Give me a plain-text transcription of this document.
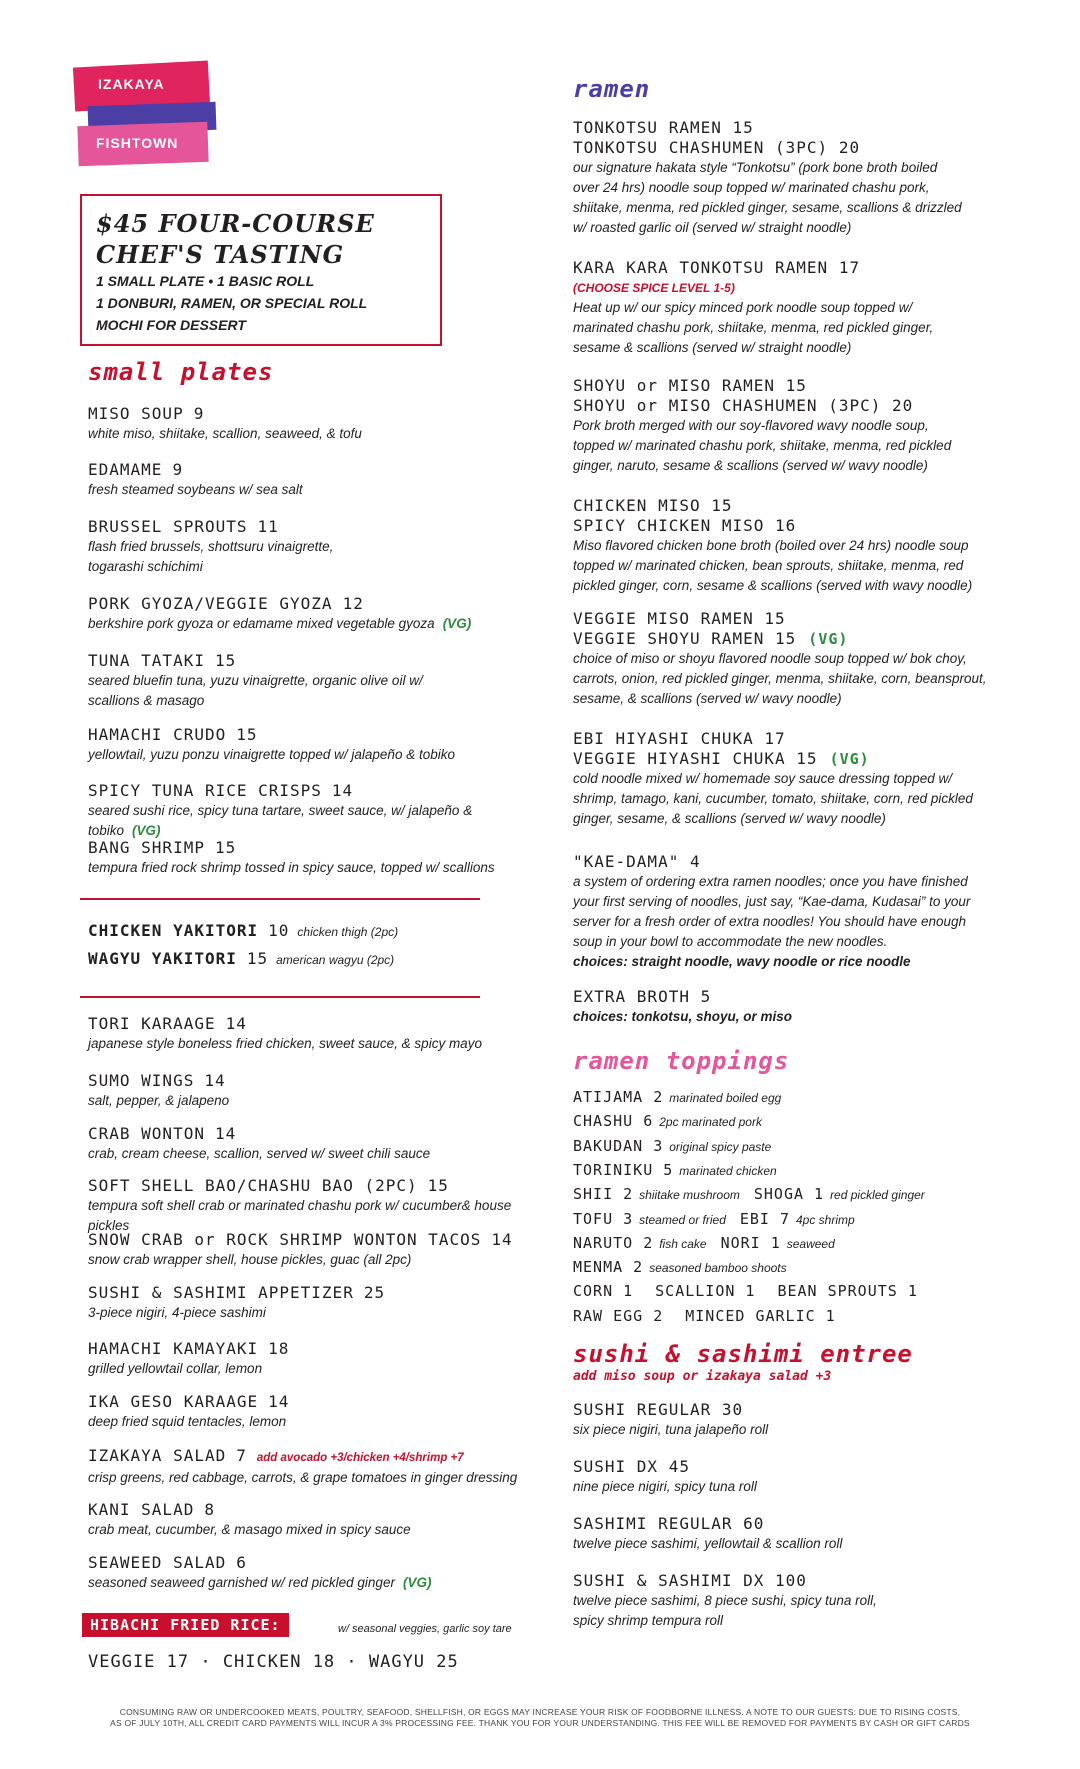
IZAKAYA
FISHTOWN
$45 FOUR-COURSE
CHEF'S TASTING
1 SMALL PLATE • 1 BASIC ROLL
1 DONBURI, RAMEN, OR SPECIAL ROLL
MOCHI FOR DESSERT
small plates
MISO SOUP 9
white miso, shiitake, scallion, seaweed, & tofu
EDAMAME 9
fresh steamed soybeans w/ sea salt
BRUSSEL SPROUTS 11
flash fried brussels, shottsuru vinaigrette,
togarashi schichimi
PORK GYOZA/VEGGIE GYOZA 12
berkshire pork gyoza or edamame mixed vegetable gyoza (VG)
TUNA TATAKI 15
seared bluefin tuna, yuzu vinaigrette, organic olive oil w/
scallions & masago
HAMACHI CRUDO 15
yellowtail, yuzu ponzu vinaigrette topped w/ jalapeño & tobiko
SPICY TUNA RICE CRISPS 14
seared sushi rice, spicy tuna tartare, sweet sauce, w/ jalapeño & tobiko (VG)
BANG SHRIMP 15
tempura fried rock shrimp tossed in spicy sauce, topped w/ scallions
CHICKEN YAKITORI 10 chicken thigh (2pc)
WAGYU YAKITORI 15 american wagyu (2pc)
TORI KARAAGE 14
japanese style boneless fried chicken, sweet sauce, & spicy mayo
SUMO WINGS 14
salt, pepper, & jalapeno
CRAB WONTON 14
crab, cream cheese, scallion, served w/ sweet chili sauce
SOFT SHELL BAO/CHASHU BAO (2PC) 15
tempura soft shell crab or marinated chashu pork w/ cucumber& house pickles
SNOW CRAB or ROCK SHRIMP WONTON TACOS 14
snow crab wrapper shell, house pickles, guac (all 2pc)
SUSHI & SASHIMI APPETIZER 25
3-piece nigiri, 4-piece sashimi
HAMACHI KAMAYAKI 18
grilled yellowtail collar, lemon
IKA GESO KARAAGE 14
deep fried squid tentacles, lemon
IZAKAYA SALAD 7 add avocado +3/chicken +4/shrimp +7
crisp greens, red cabbage, carrots, & grape tomatoes in ginger dressing
KANI SALAD 8
crab meat, cucumber, & masago mixed in spicy sauce
SEAWEED SALAD 6
seasoned seaweed garnished w/ red pickled ginger (VG)
HIBACHI FRIED RICE:	w/ seasonal veggies, garlic soy tare
VEGGIE 17 · CHICKEN 18 · WAGYU 25
ramen
TONKOTSU RAMEN 15
TONKOTSU CHASHUMEN (3PC) 20
our signature hakata style “Tonkotsu” (pork bone broth boiled
over 24 hrs) noodle soup topped w/ marinated chashu pork,
shiitake, menma, red pickled ginger, sesame, scallions & drizzled
w/ roasted garlic oil (served w/ straight noodle)
KARA KARA TONKOTSU RAMEN 17
(CHOOSE SPICE LEVEL 1-5)
Heat up w/ our spicy minced pork noodle soup topped w/
marinated chashu pork, shiitake, menma, red pickled ginger,
sesame & scallions (served w/ straight noodle)
SHOYU or MISO RAMEN 15
SHOYU or MISO CHASHUMEN (3PC) 20
Pork broth merged with our soy-flavored wavy noodle soup,
topped w/ marinated chashu pork, shiitake, menma, red pickled
ginger, naruto, sesame & scallions (served w/ wavy noodle)
CHICKEN MISO 15
SPICY CHICKEN MISO 16
Miso flavored chicken bone broth (boiled over 24 hrs) noodle soup
topped w/ marinated chicken, bean sprouts, shiitake, menma, red
pickled ginger, corn, sesame & scallions (served with wavy noodle)
VEGGIE MISO RAMEN 15
VEGGIE SHOYU RAMEN 15 (VG)
choice of miso or shoyu flavored noodle soup topped w/ bok choy,
carrots, onion, red pickled ginger, menma, shiitake, corn, beansprout,
sesame, & scallions (served w/ wavy noodle)
EBI HIYASHI CHUKA 17
VEGGIE HIYASHI CHUKA 15 (VG)
cold noodle mixed w/ homemade soy sauce dressing topped w/
shrimp, tamago, kani, cucumber, tomato, shiitake, corn, red pickled
ginger, sesame, & scallions (served w/ wavy noodle)
"KAE-DAMA" 4
a system of ordering extra ramen noodles; once you have finished
your first serving of noodles, just say, “Kae-dama, Kudasai” to your
server for a fresh order of extra noodles! You should have enough
soup in your bowl to accommodate the new noodles.
choices: straight noodle, wavy noodle or rice noodle
EXTRA BROTH 5
choices: tonkotsu, shoyu, or miso
ramen toppings
ATIJAMA 2 marinated boiled egg
CHASHU 6 2pc marinated pork
BAKUDAN 3 original spicy paste
TORINIKU 5 marinated chicken
SHII 2 shiitake mushroom SHOGA 1 red pickled ginger
TOFU 3 steamed or fried EBI 7 4pc shrimp
NARUTO 2 fish cake NORI 1 seaweed
MENMA 2 seasoned bamboo shoots
CORN 1 SCALLION 1 BEAN SPROUTS 1
RAW EGG 2 MINCED GARLIC 1
sushi & sashimi entree
add miso soup or izakaya salad +3
SUSHI REGULAR 30
six piece nigiri, tuna jalapeño roll
SUSHI DX 45
nine piece nigiri, spicy tuna roll
SASHIMI REGULAR 60
twelve piece sashimi, yellowtail & scallion roll
SUSHI & SASHIMI DX 100
twelve piece sashimi, 8 piece sushi, spicy tuna roll,
spicy shrimp tempura roll
CONSUMING RAW OR UNDERCOOKED MEATS, POULTRY, SEAFOOD, SHELLFISH, OR EGGS MAY INCREASE YOUR RISK OF FOODBORNE ILLNESS. A NOTE TO OUR GUESTS: DUE TO RISING COSTS,
AS OF JULY 10TH, ALL CREDIT CARD PAYMENTS WILL INCUR A 3% PROCESSING FEE. THANK YOU FOR YOUR UNDERSTANDING. THIS FEE WILL BE REMOVED FOR PAYMENTS BY CASH OR GIFT CARDS
